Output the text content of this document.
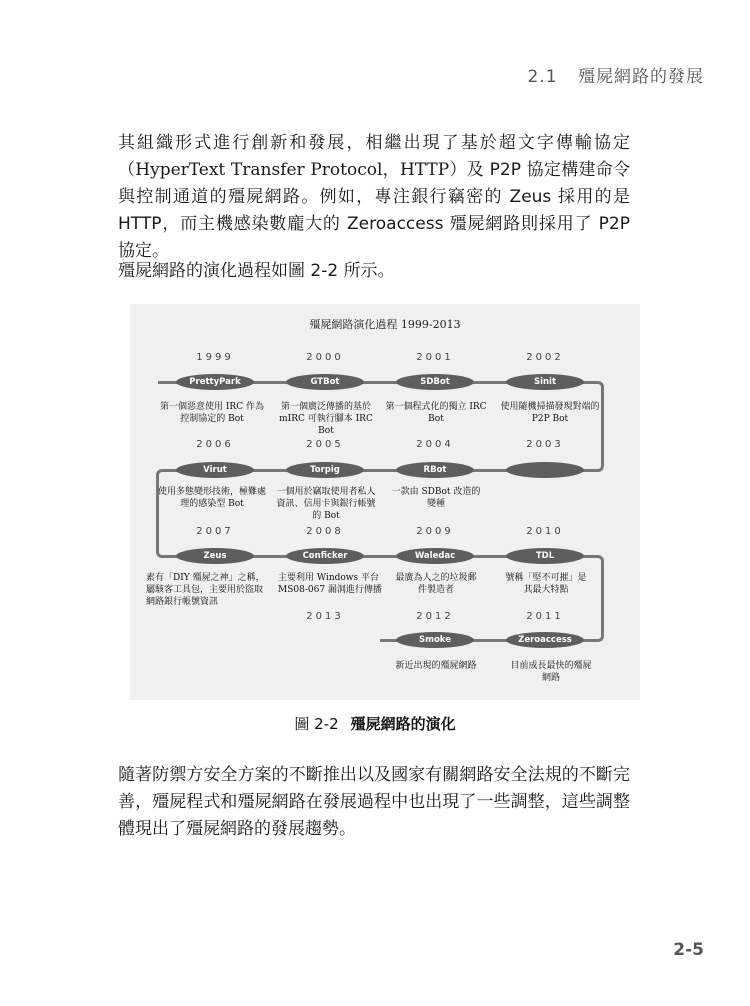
2.1 殭屍網路的發展

其組織形式進行創新和發展，相繼出現了基於超文字傳輸協定（HyperText Transfer Protocol，HTTP）及 P2P 協定構建命令與控制通道的殭屍網路。例如，專注銀行竊密的 Zeus 採用的是 HTTP，而主機感染數龐大的 Zeroaccess 殭屍網路則採用了 P2P 協定。

殭屍網路的演化過程如圖 2-2 所示。

殭屍網路演化過程 1999-2013
1999
PrettyPark
第一個惡意使用 IRC 作為控制協定的 Bot
2000
GTBot
第一個廣泛傳播的基於 mIRC 可執行腳本 IRC Bot
2001
SDBot
第一個程式化的獨立 IRC Bot
2002
Sinit
使用隨機掃描發現對端的 P2P Bot
2006
Virut
使用多態變形技術，極難處理的感染型 Bot
2005
Torpig
一個用於竊取使用者私人資訊、信用卡與銀行帳號的 Bot
2004
RBot
一款由 SDBot 改造的變種
2003
2007
Zeus
素有「DIY 殭屍之神」之稱，屬駭客工具包，主要用於盜取網路銀行帳號資訊
2008
Conficker
主要利用 Windows 平台 MS08-067 漏洞進行傳播
2009
Waledac
最廣為人之的垃圾郵件製造者
2010
TDL
號稱「堅不可摧」是其最大特點
2013	2012
Smoke
新近出現的殭屍網路
2011
Zeroaccess
目前成長最快的殭屍網路
圖 2-2 殭屍網路的演化

隨著防禦方安全方案的不斷推出以及國家有關網路安全法規的不斷完善，殭屍程式和殭屍網路在發展過程中也出現了一些調整，這些調整體現出了殭屍網路的發展趨勢。

2-5
